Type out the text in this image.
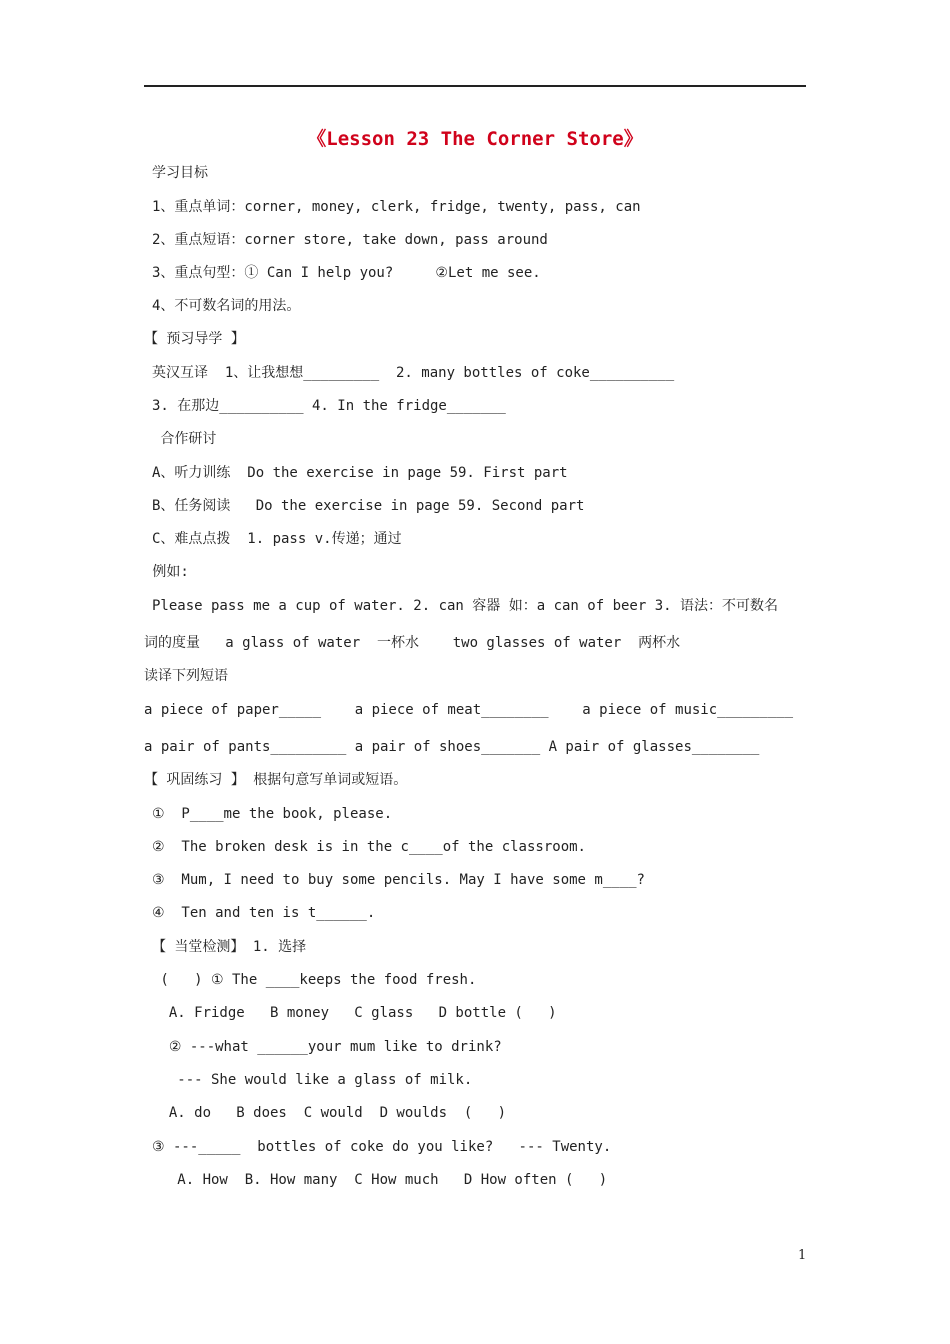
《Lesson 23 The Corner Store》
学习目标
1、重点单词：corner, money, clerk, fridge, twenty, pass, can
2、重点短语：corner store, take down, pass around
3、重点句型：① Can I help you?     ②Let me see.
4、不可数名词的用法。
【 预习导学 】
英汉互译  1、让我想想_________  2. many bottles of coke__________
3. 在那边__________ 4. In the fridge_______
合作研讨
A、听力训练  Do the exercise in page 59. First part
B、任务阅读   Do the exercise in page 59. Second part
C、难点点拨  1. pass v.传递；通过
例如:
Please pass me a cup of water. 2. can 容器 如：a can of beer 3. 语法：不可数名
词的度量   a glass of water  一杯水    two glasses of water  两杯水
读译下列短语
a piece of paper_____    a piece of meat________    a piece of music_________
a pair of pants_________ a pair of shoes_______ A pair of glasses________
【 巩固练习 】 根据句意写单词或短语。
①  P____me the book, please.
②  The broken desk is in the c____of the classroom.
③  Mum, I need to buy some pencils. May I have some m____?
④  Ten and ten is t______.
【 当堂检测】 1. 选择
(   ) ① The ____keeps the food fresh.
A. Fridge   B money   C glass   D bottle (   )
② ---what ______your mum like to drink?
--- She would like a glass of milk.
A. do   B does  C would  D woulds  (   )
③ ---_____  bottles of coke do you like?   --- Twenty.
A. How  B. How many  C How much   D How often (   )
1
